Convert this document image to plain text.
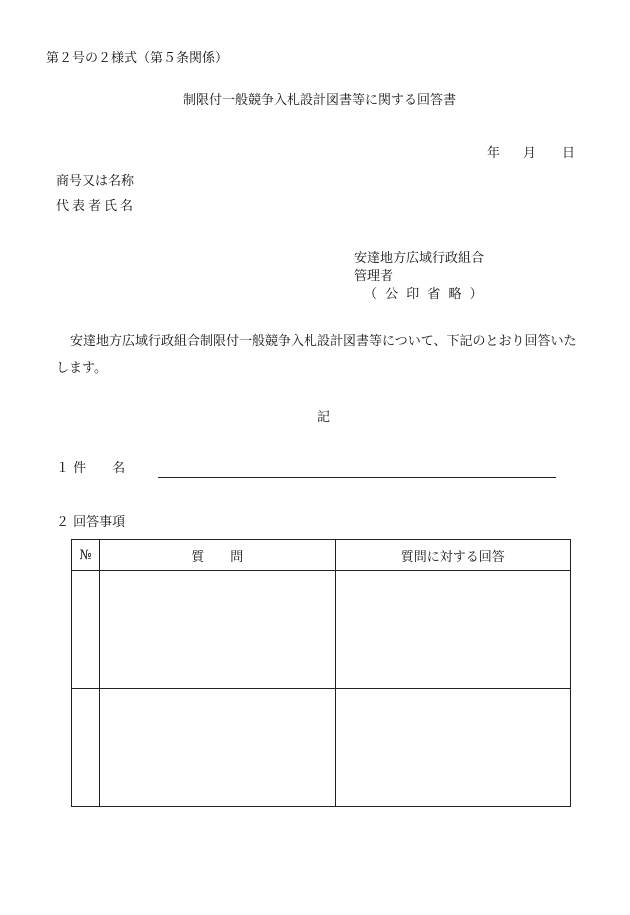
第２号の２様式（第５条関係）
制限付一般競争入札設計図書等に関する回答書
年 月 日
商号又は名称
代表者氏名
安達地方広域行政組合
管理者
（ 公 印 省 略 ）
安達地方広域行政組合制限付一般競争入札設計図書等について、下記のとおり回答いたします。
記
１ 件　　名
２ 回答事項
№	質　　問	質問に対する回答
